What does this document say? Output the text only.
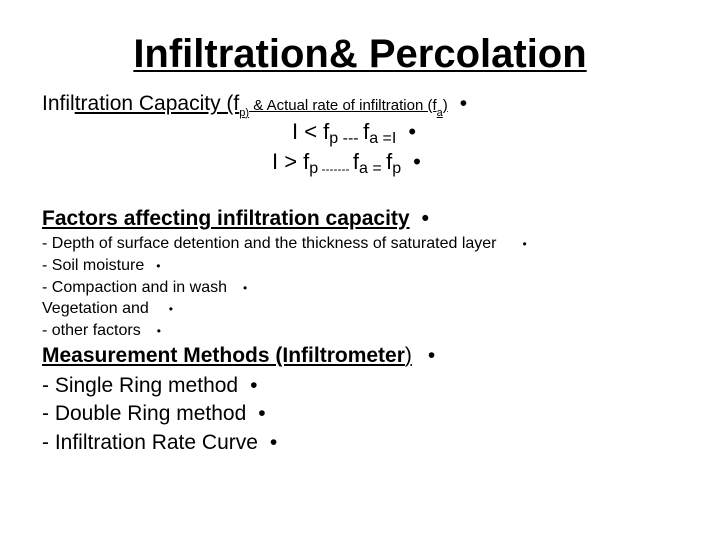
Infiltration& Percolation
Infiltration Capacity ($f_{p)}$ & Actual rate of infiltration $(f_a)$ •
I < fp --- fa =I •
I > fp ------- fa = fp •
Factors affecting infiltration capacity •
- Depth of surface detention and the thickness of saturated layer •
- Soil moisture •
- Compaction and in wash •
Vegetation and •
- other factors •
Measurement Methods (Infiltrometer) •
- Single Ring method •
- Double Ring method •
- Infiltration Rate Curve •
